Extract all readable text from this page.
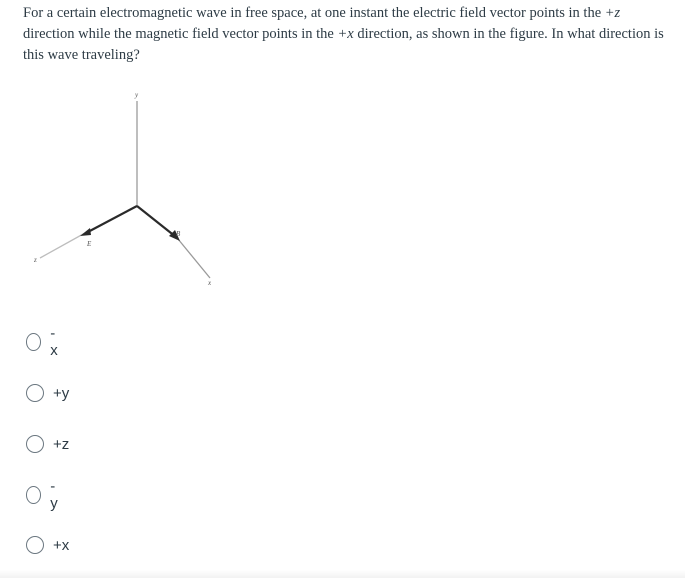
For a certain electromagnetic wave in free space, at one instant the electric field vector points in the +z direction while the magnetic field vector points in the +x direction, as shown in the figure. In what direction is this wave traveling?
y
z
x
E
B
-x
+y
+z
-y
+x
